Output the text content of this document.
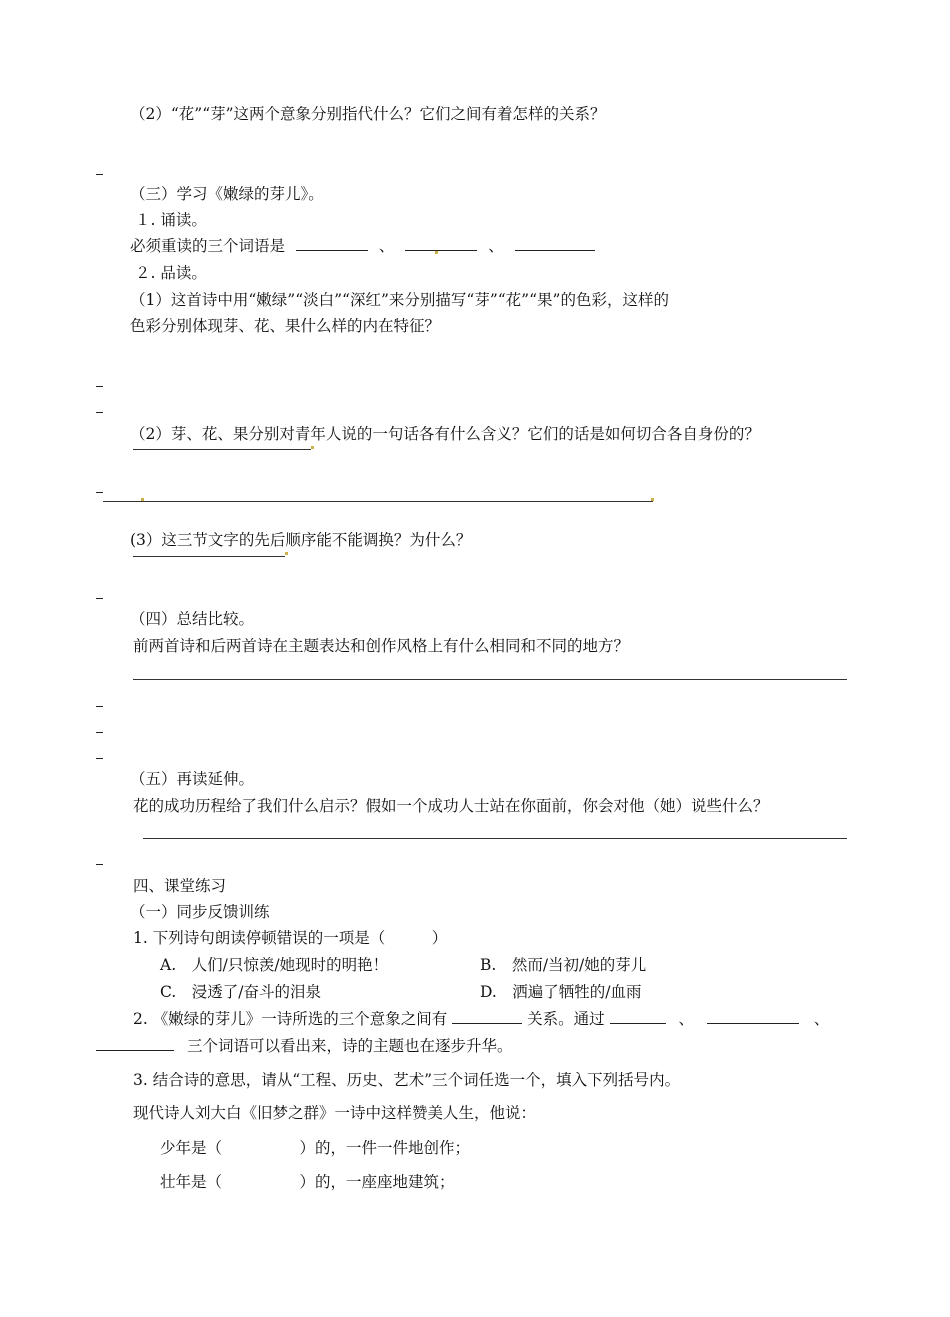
（2）“花”“芽”这两个意象分别指代什么？它们之间有着怎样的关系？
（三）学习《嫩绿的芽儿》。
１. 诵读。
必须重读的三个词语是	、	、
２. 品读。
（1）这首诗中用“嫩绿”“淡白”“深红”来分别描写“芽”“花”“果”的色彩，这样的
色彩分别体现芽、花、果什么样的内在特征？
（2）芽、花、果分别对青年人说的一句话各有什么含义？它们的话是如何切合各自身份的？
(3）这三节文字的先后顺序能不能调换？为什么？
（四）总结比较。
前两首诗和后两首诗在主题表达和创作风格上有什么相同和不同的地方？
（五）再读延伸。
花的成功历程给了我们什么启示？假如一个成功人士站在你面前，你会对他（她）说些什么？
四、课堂练习
（一）同步反馈训练
1. 下列诗句朗读停顿错误的一项是（　　　）
A.　人们/只惊羡/她现时的明艳！	B.　然而/当初/她的芽儿
C.　浸透了/奋斗的泪泉	D.　洒遍了牺牲的/血雨
2. 《嫩绿的芽儿》一诗所选的三个意象之间有	关系。通过	、	、
三个词语可以看出来，诗的主题也在逐步升华。
3. 结合诗的意思，请从“工程、历史、艺术”三个词任选一个，填入下列括号内。
现代诗人刘大白《旧梦之群》一诗中这样赞美人生，他说：
少年是（　　　　　）的，一件一件地创作；
壮年是（　　　　　）的，一座座地建筑；
